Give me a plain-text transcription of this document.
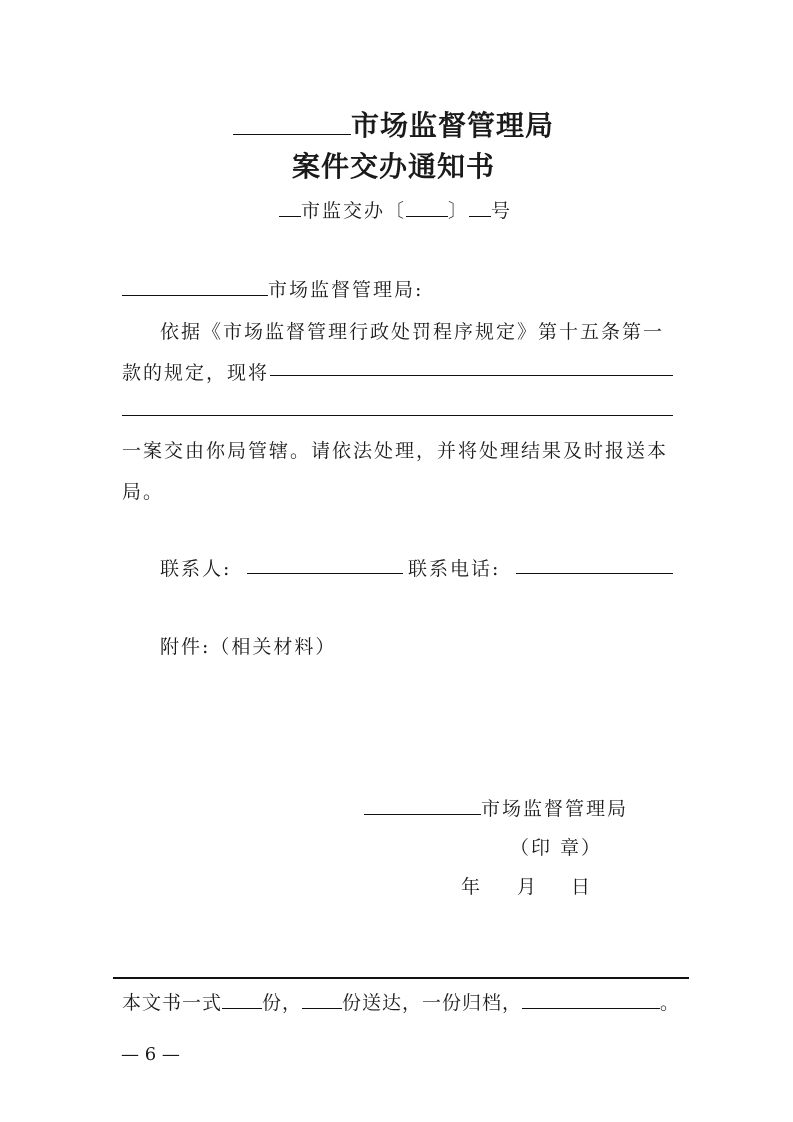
市场监督管理局
案件交办通知书
市监交办〔 〕 号
市场监督管理局:
依据《市场监督管理行政处罚程序规定》第十五条第一
款的规定，现将
一案交由你局管辖。请依法处理，并将处理结果及时报送本
局。
联系人:	联系电话:
附件:（相关材料）
市场监督管理局
（印 章）
年 月 日
本文书一式 份， 份送达，一份归档，	。
— 6 —
